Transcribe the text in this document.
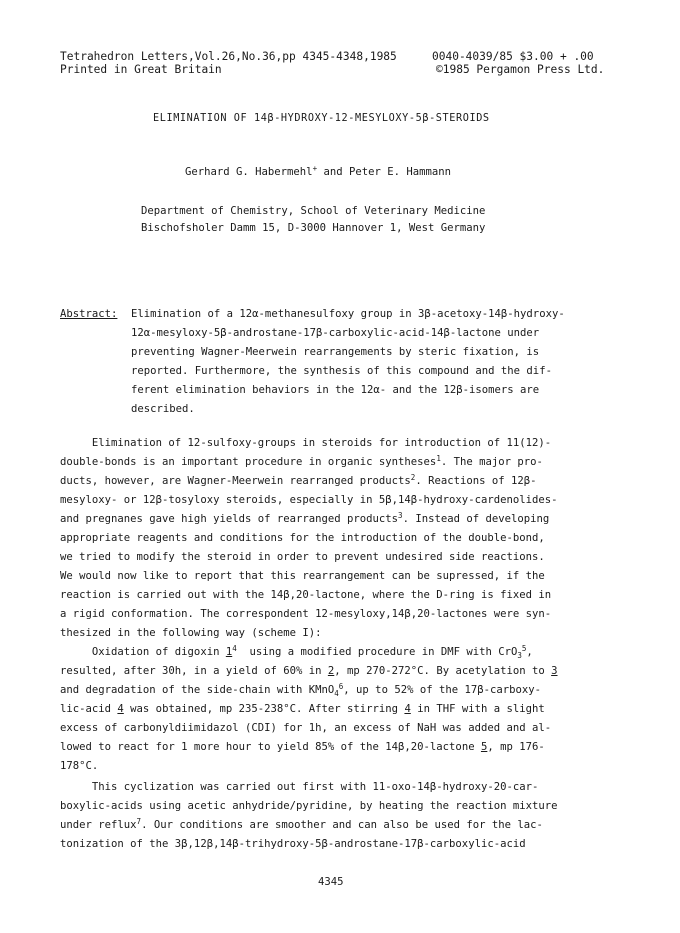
Tetrahedron Letters,Vol.26,No.36,pp 4345-4348,1985	0040-4039/85 $3.00 + .00
Printed in Great Britain	©1985 Pergamon Press Ltd.
ELIMINATION OF 14β-HYDROXY-12-MESYLOXY-5β-STEROIDS
Gerhard G. Habermehl+ and Peter E. Hammann
Department of Chemistry, School of Veterinary Medicine
Bischofsholer Damm 15, D-3000 Hannover 1, West Germany
Abstract: Elimination of a 12α-methanesulfoxy group in 3β-acetoxy-14β-hydroxy-
12α-mesyloxy-5β-androstane-17β-carboxylic-acid-14β-lactone under
preventing Wagner-Meerwein rearrangements by steric fixation, is
reported. Furthermore, the synthesis of this compound and the dif-
ferent elimination behaviors in the 12α- and the 12β-isomers are
described.
Elimination of 12-sulfoxy-groups in steroids for introduction of 11(12)-
double-bonds is an important procedure in organic syntheses$^1$. The major pro-
ducts, however, are Wagner-Meerwein rearranged products$^2$. Reactions of 12β-
mesyloxy- or 12β-tosyloxy steroids, especially in 5β,14β-hydroxy-cardenolides-
and pregnanes gave high yields of rearranged products$^3$. Instead of developing
appropriate reagents and conditions for the introduction of the double-bond,
we tried to modify the steroid in order to prevent undesired side reactions.
We would now like to report that this rearrangement can be supressed, if the
reaction is carried out with the 14β,20-lactone, where the D-ring is fixed in
a rigid conformation. The correspondent 12-mesyloxy,14β,20-lactones were syn-
thesized in the following way (scheme I):
Oxidation of digoxin $1^4$  using a modified procedure in DMF with CrO$_3^5$,
resulted, after 30h, in a yield of 60% in 2, mp 270-272°C. By acetylation to 3
and degradation of the side-chain with KMnO$_4^6$, up to 52% of the 17β-carboxy-
lic-acid 4 was obtained, mp 235-238°C. After stirring 4 in THF with a slight
excess of carbonyldiimidazol (CDI) for 1h, an excess of NaH was added and al-
lowed to react for 1 more hour to yield 85% of the 14β,20-lactone 5, mp 176-
178°C.
This cyclization was carried out first with 11-oxo-14β-hydroxy-20-car-
boxylic-acids using acetic anhydride/pyridine, by heating the reaction mixture
under reflux$^7$. Our conditions are smoother and can also be used for the lac-
tonization of the 3β,12β,14β-trihydroxy-5β-androstane-17β-carboxylic-acid
4345
